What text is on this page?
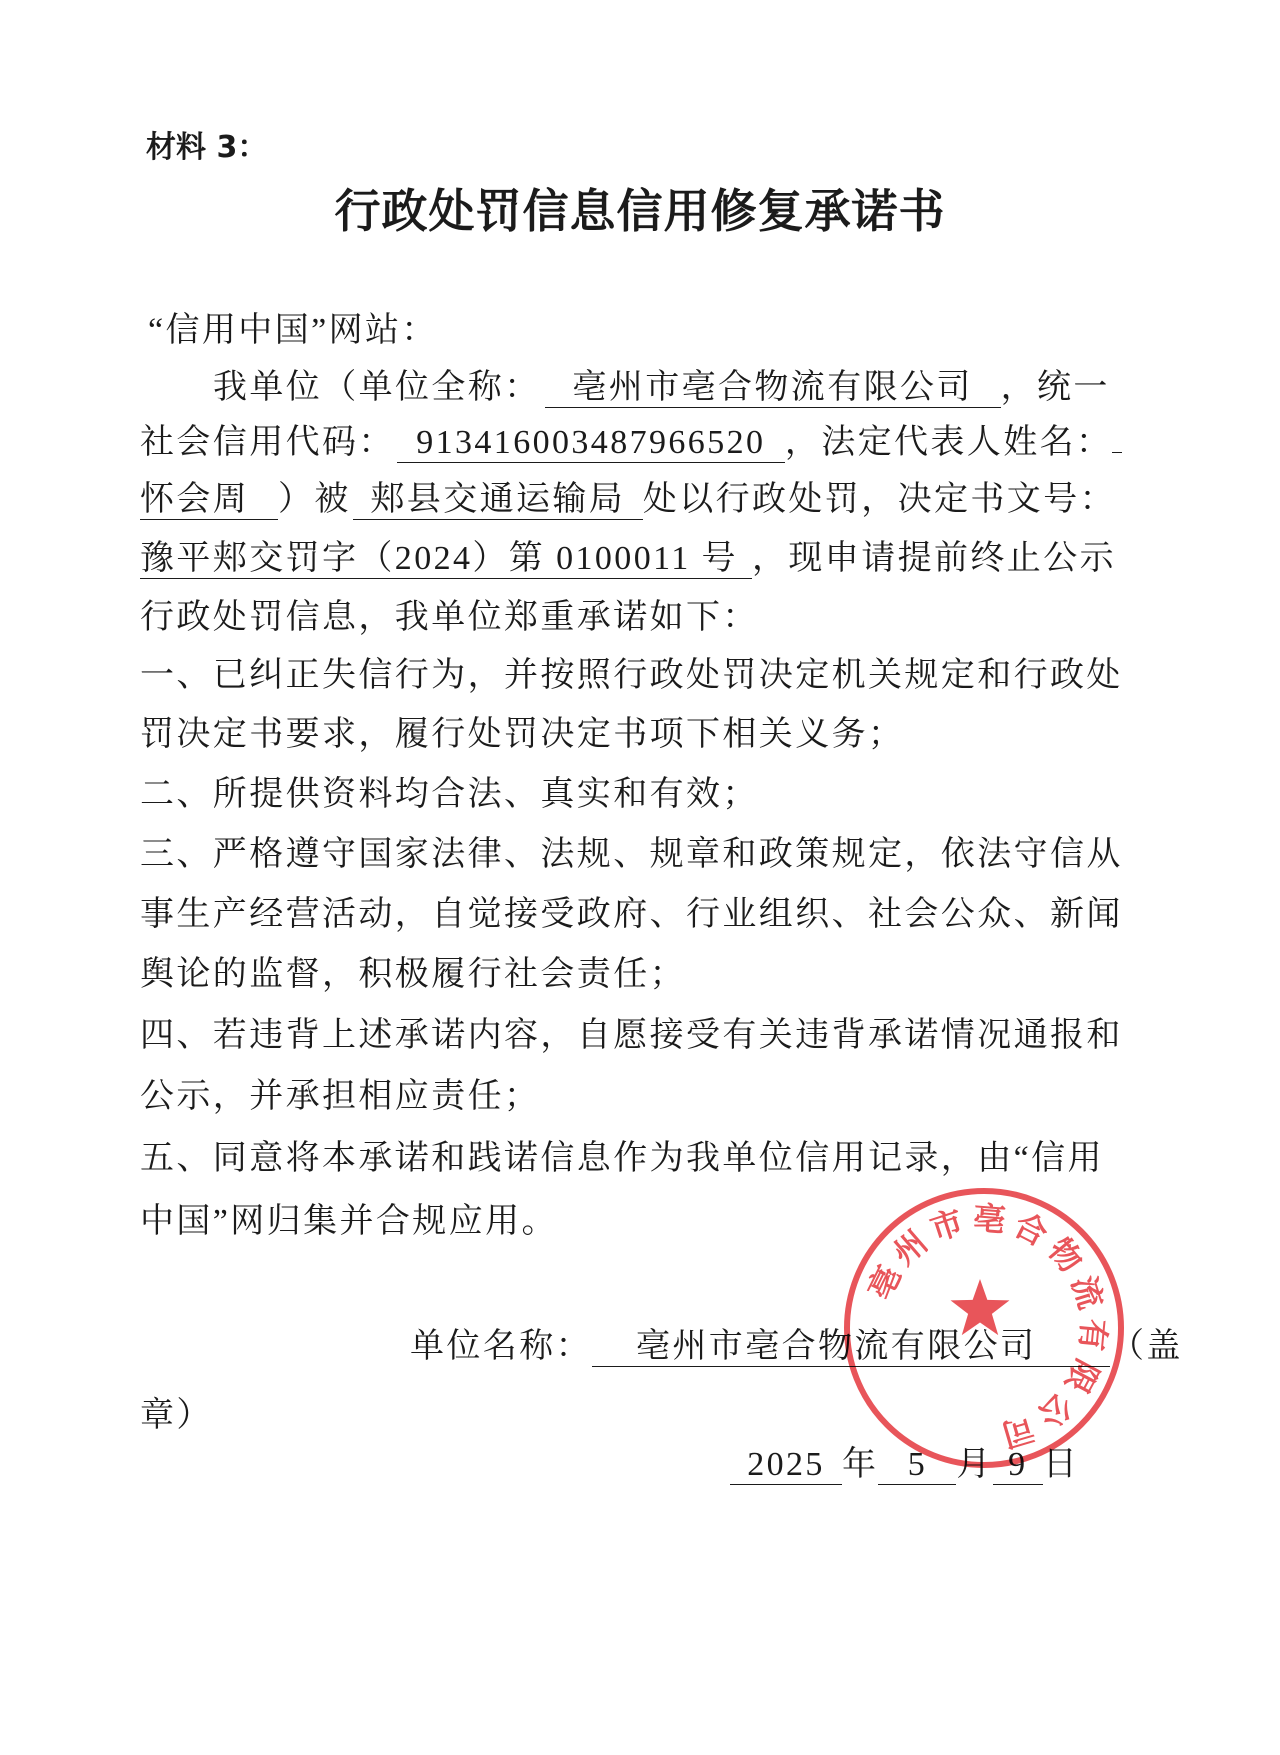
材料 3：
行政处罚信息信用修复承诺书
“信用中国”网站：
我单位（单位全称： 亳州市亳合物流有限公司 ，统一
社会信用代码： 913416003487966520 ，法定代表人姓名：
怀会周 ）被 郏县交通运输局 处以行政处罚，决定书文号：
豫平郏交罚字（2024）第 0100011 号 ，现申请提前终止公示
行政处罚信息，我单位郑重承诺如下：
一、已纠正失信行为，并按照行政处罚决定机关规定和行政处
罚决定书要求，履行处罚决定书项下相关义务；
二、所提供资料均合法、真实和有效；
三、严格遵守国家法律、法规、规章和政策规定，依法守信从
事生产经营活动，自觉接受政府、行业组织、社会公众、新闻
舆论的监督，积极履行社会责任；
四、若违背上述承诺内容，自愿接受有关违背承诺情况通报和
公示，并承担相应责任；
五、同意将本承诺和践诺信息作为我单位信用记录，由“信用
中国”网归集并合规应用。
单位名称： 亳州市亳合物流有限公司 （盖
章）
2025 年 5 月 9 日
亳州市亳合物流有限公司
